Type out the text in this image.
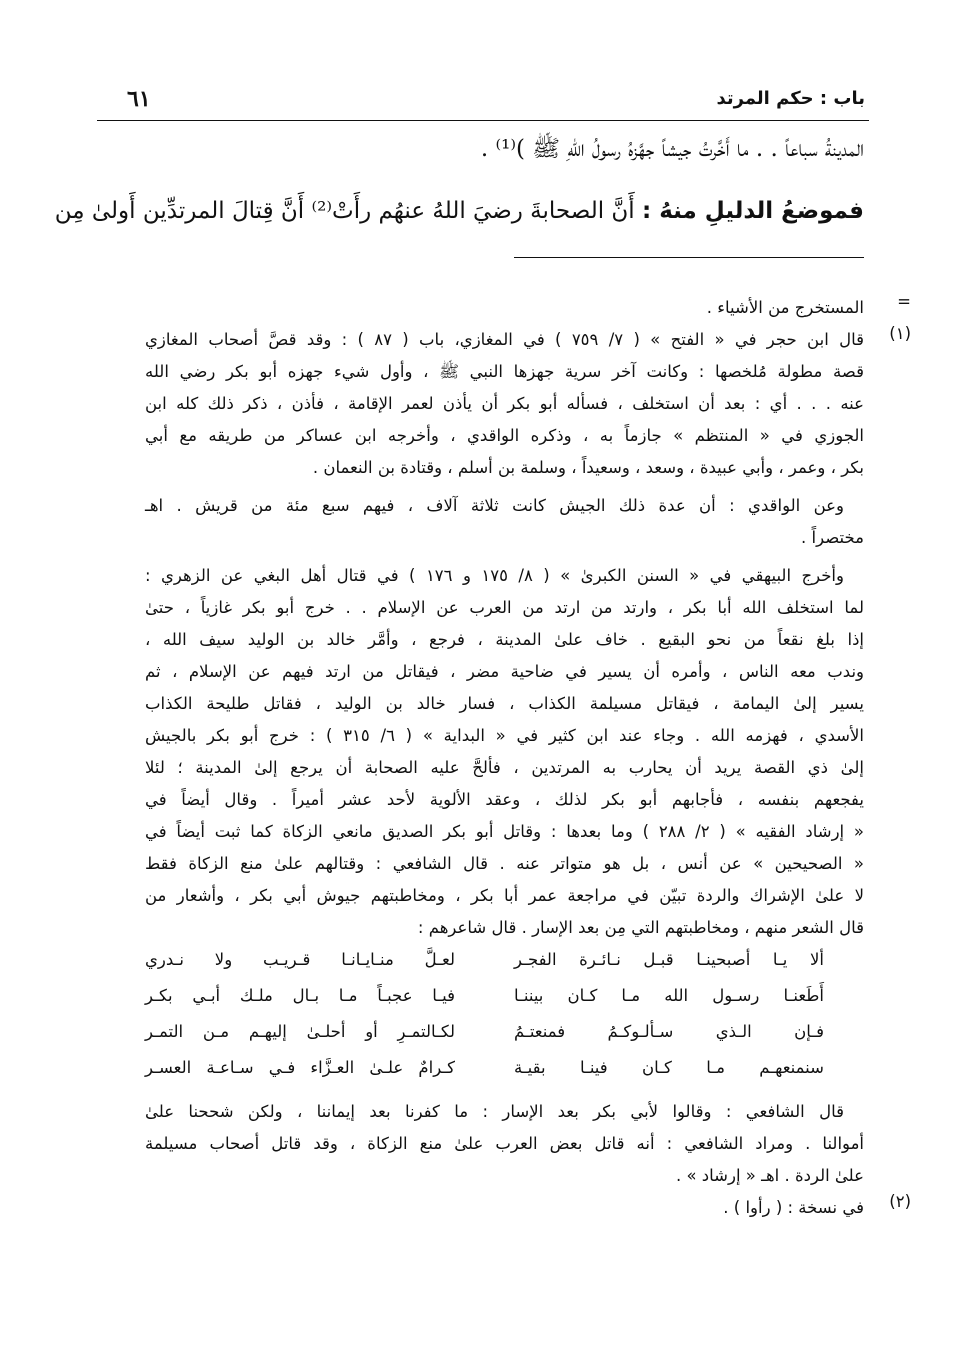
باب : حكم المرتد
٦١
المدينةُ سباعاً . . ما أَخَّرتُ جيشاً جهَّزهُ رسولُ اللهِ ﷺ )⁽¹⁾ .
فموضعُ الدليلِ منهُ : أَنَّ الصحابةَ رضيَ اللهُ عنهُم رأَتْ⁽²⁾ أَنَّ قِتالَ المرتدِّين أَولىٰ مِن
=
المستخرج من الأشياء .
(١)
قال ابن حجر في « الفتح » ( ٧/ ٧٥٩ ) في المغازي، باب ( ٨٧ ) : وقد قصَّ أصحاب المغازي
قصة مطولة مُلخصها : وكانت آخر سرية جهزها النبي ﷺ ، وأول شيء جهزه أبو بكر رضي الله
عنه . . . أي : بعد أن استخلف ، فسأله أبو بكر أن يأذن لعمر الإقامة ، فأذن ، ذكر ذلك كله ابن
الجوزي في « المنتظم » جازماً به ، وذكره الواقدي ، وأخرجه ابن عساكر من طريقه مع أبي
بكر ، وعمر ، وأبي عبيدة ، وسعد ، وسعيداً ، وسلمة بن أسلم ، وقتادة بن النعمان .
وعن الواقدي : أن عدة ذلك الجيش كانت ثلاثة آلاف ، فيهم سبع مئة من قريش . اهـ
مختصراً .
وأخرج البيهقي في « السنن الكبرىٰ » ( ٨/ ١٧٥ و ١٧٦ ) في قتال أهل البغي عن الزهري :
لما استخلف الله أبا بكر ، وارتد من ارتد من العرب عن الإسلام . . خرج أبو بكر غازياً ، حتىٰ
إذا بلغ نقعاً من نحو البقيع . خاف علىٰ المدينة ، فرجع ، وأمَّر خالد بن الوليد سيف الله ،
وندب معه الناس ، وأمره أن يسير في ضاحية مضر ، فيقاتل من ارتد فيهم عن الإسلام ، ثم
يسير إلىٰ اليمامة ، فيقاتل مسيلمة الكذاب ، فسار خالد بن الوليد ، فقاتل طليحة الكذاب
الأسدي ، فهزمه الله . وجاء عند ابن كثير في « البداية » ( ٦/ ٣١٥ ) : خرج أبو بكر بالجيش
إلىٰ ذي القصة يريد أن يحارب به المرتدين ، فألحَّ عليه الصحابة أن يرجع إلىٰ المدينة ؛ لئلا
يفجعهم بنفسه ، فأجابهم أبو بكر لذلك ، وعقد الألوية لأحد عشر أميراً . وقال أيضاً في
« إرشاد الفقيه » ( ٢/ ٢٨٨ ) وما بعدها : وقاتل أبو بكر الصديق مانعي الزكاة كما ثبت أيضاً في
« الصحيحين » عن أنس ، بل هو متواتر عنه . قال الشافعي : وقتالهم علىٰ منع الزكاة فقط
لا علىٰ الإشراك والردة تبيّن في مراجعة عمر أبا بكر ، ومخاطبتهم جيوش أبي بكر ، وأشعار من
قال الشعر منهم ، ومخاطبتهم التي مِن بعد الإسار . قال شاعرهم :
ألا يـا أصبحينـا قبـل نـائـرة الفجـر
لعـلَّ منـايـانـا قـريـب ولا نـدري
أَطَعنـا رسـول الله مـا كـان بيننـا
فيـا عجبـاً مـا بـال ملـك أبـي بكـر
فـإن الـذي سـألـوكـمُ فمنعتـمُ
لكـالتمـرِ أو أحلـىٰ إليهـم مـن التمـر
سنمنعهـم مـا كـان فينـا بقيـة
كـرامٌ علـىٰ العـزَّاء فـي سـاعـة العسـر
قال الشافعي : وقالوا لأبي بكر بعد الإسار : ما كفرنا بعد إيماننا ، ولكن شححنا علىٰ
أموالنا . ومراد الشافعي : أنه قاتل بعض العرب علىٰ منع الزكاة ، وقد قاتل أصحاب مسيلمة
علىٰ الردة . اهـ « إرشاد » .
(٢)
في نسخة : ( رأوا ) .
